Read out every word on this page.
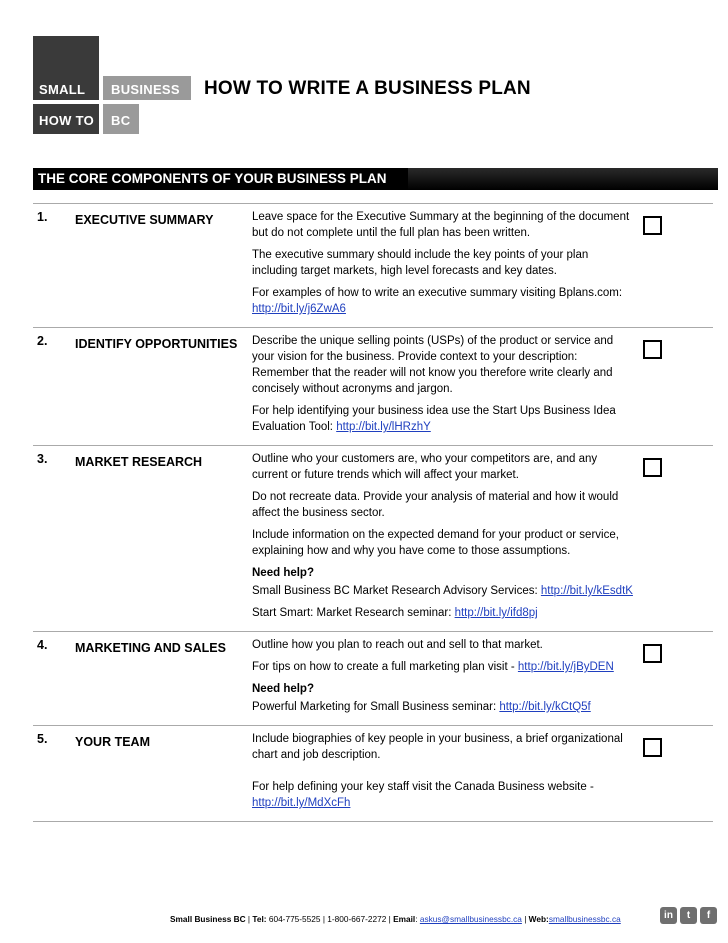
SMALL BUSINESS
HOW TO BC
HOW TO WRITE A BUSINESS PLAN
THE CORE COMPONENTS OF YOUR BUSINESS PLAN
1. EXECUTIVE SUMMARY	Leave space for the Executive Summary at the beginning of the document but do not complete until the full plan has been written.
The executive summary should include the key points of your plan including target markets, high level forecasts and key dates.
For examples of how to write an executive summary visiting Bplans.com: http://bit.ly/j6ZwA6
2. IDENTIFY OPPORTUNITIES	Describe the unique selling points (USPs) of the product or service and your vision for the business. Provide context to your description: Remember that the reader will not know you therefore write clearly and concisely without acronyms and jargon.
For help identifying your business idea use the Start Ups Business Idea Evaluation Tool: http://bit.ly/lHRzhY
3. MARKET RESEARCH	Outline who your customers are, who your competitors are, and any current or future trends which will affect your market.
Do not recreate data. Provide your analysis of material and how it would affect the business sector.
Include information on the expected demand for your product or service, explaining how and why you have come to those assumptions.
Need help?
Small Business BC Market Research Advisory Services: http://bit.ly/kEsdtK
Start Smart: Market Research seminar: http://bit.ly/ifd8pj
4. MARKETING AND SALES	Outline how you plan to reach out and sell to that market.
For tips on how to create a full marketing plan visit - http://bit.ly/jByDEN
Need help?
Powerful Marketing for Small Business seminar: http://bit.ly/kCtQ5f
5. YOUR TEAM	Include biographies of key people in your business, a brief organizational chart and job description.
For help defining your key staff visit the Canada Business website - http://bit.ly/MdXcFh
Small Business BC | Tel: 604-775-5525 | 1-800-667-2272 | Email: askus@smallbusinessbc.ca | Web:smallbusinessbc.ca	in	t	f
